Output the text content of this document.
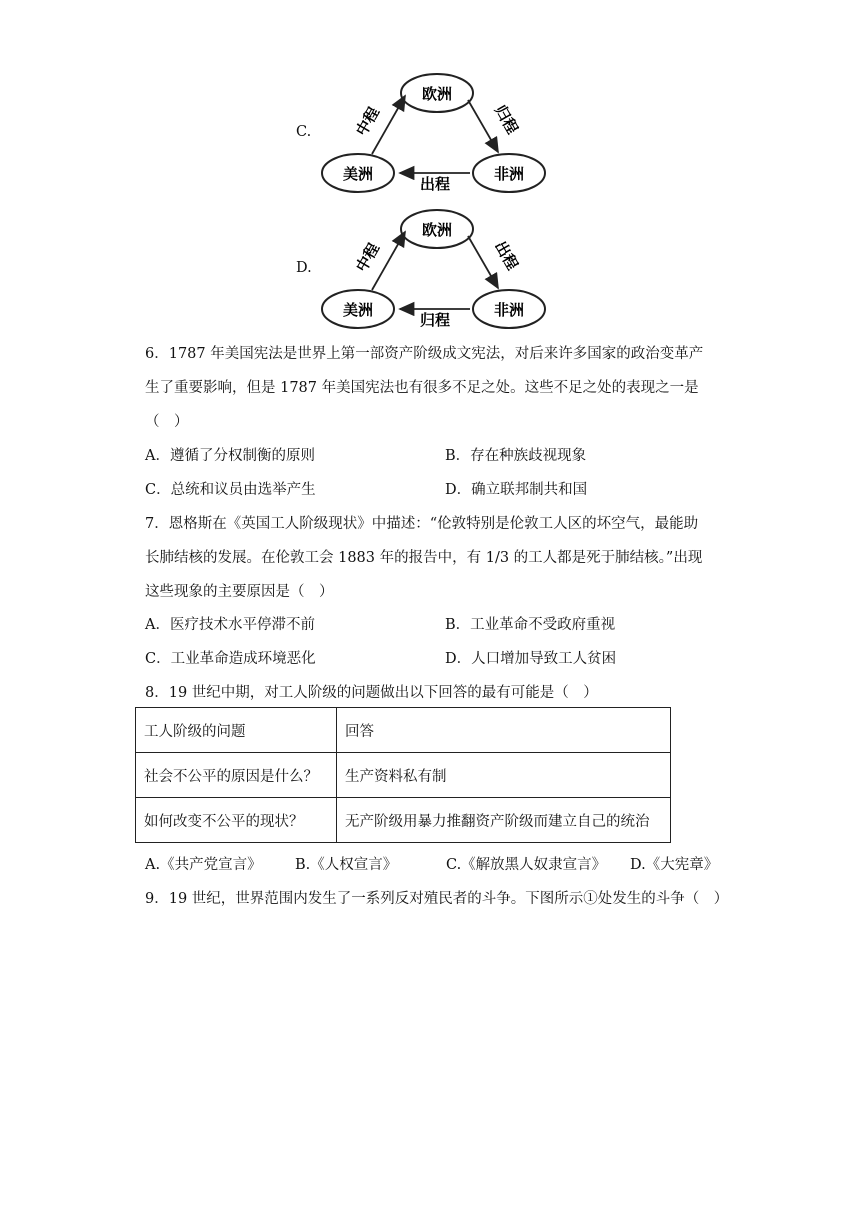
C.
欧洲
美洲	非洲
中程	归程
出程
D.
欧洲
美洲	非洲
中程	出程
归程
6．1787 年美国宪法是世界上第一部资产阶级成文宪法，对后来许多国家的政治变革产
生了重要影响，但是 1787 年美国宪法也有很多不足之处。这些不足之处的表现之一是
（　）
A．遵循了分权制衡的原则	B．存在种族歧视现象
C．总统和议员由选举产生	D．确立联邦制共和国
7．恩格斯在《英国工人阶级现状》中描述：“伦敦特别是伦敦工人区的坏空气，最能助
长肺结核的发展。在伦敦工会 1883 年的报告中，有 1/3 的工人都是死于肺结核。”出现
这些现象的主要原因是（　）
A．医疗技术水平停滞不前	B．工业革命不受政府重视
C．工业革命造成环境恶化	D．人口增加导致工人贫困
8．19 世纪中期，对工人阶级的问题做出以下回答的最有可能是（　）
工人阶级的问题	回答
社会不公平的原因是什么？	生产资料私有制
如何改变不公平的现状？	无产阶级用暴力推翻资产阶级而建立自己的统治
A.《共产党宣言》 B.《人权宣言》	C.《解放黑人奴隶宣言》 D.《大宪章》
9．19 世纪，世界范围内发生了一系列反对殖民者的斗争。下图所示①处发生的斗争（　）
